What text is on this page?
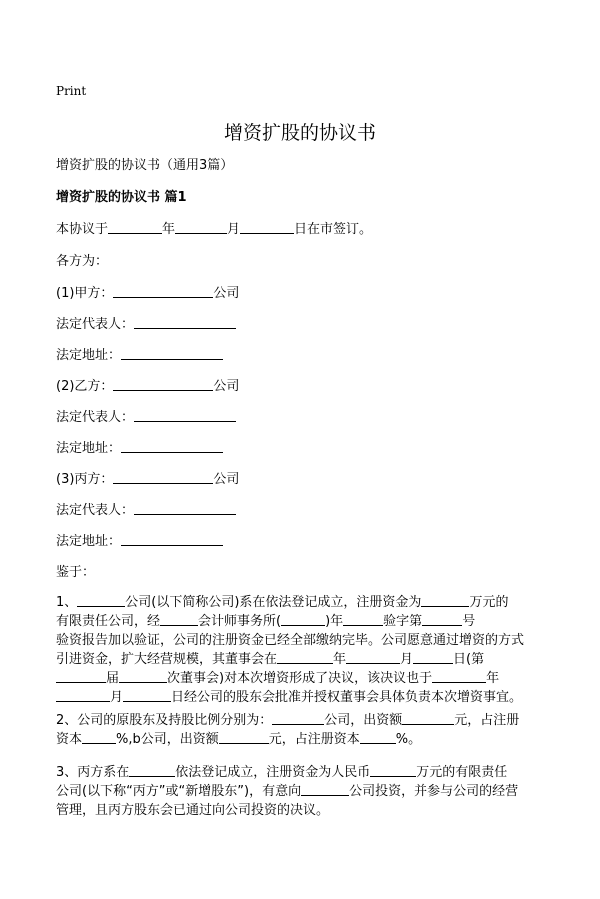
Print
增资扩股的协议书
增资扩股的协议书（通用3篇）
增资扩股的协议书 篇1
本协议于	年	月	日在市签订。
各方为：
(1)甲方：	公司
法定代表人：
法定地址：
(2)乙方：	公司
法定代表人：
法定地址：
(3)丙方：	公司
法定代表人：
法定地址：
鉴于：

1、	公司(以下简称公司)系在依法登记成立，注册资金为	万元的

有限责任公司，经	会计师事务所(	)年	验字第	号

验资报告加以验证，公司的注册资金已经全部缴纳完毕。公司愿意通过增资的方式

引进资金，扩大经营规模，其董事会在	年	月	日(第

届	次董事会)对本次增资形成了决议，该决议也于	年

月	日经公司的股东会批准并授权董事会具体负责本次增资事宜。

2、公司的原股东及持股比例分别为：	公司，出资额	元，占注册

资本	%,b公司，出资额	元，占注册资本	%。

3、丙方系在	依法登记成立，注册资金为人民币	万元的有限责任

公司(以下称“丙方”或“新增股东”)，有意向	公司投资，并参与公司的经营

管理，且丙方股东会已通过向公司投资的决议。
